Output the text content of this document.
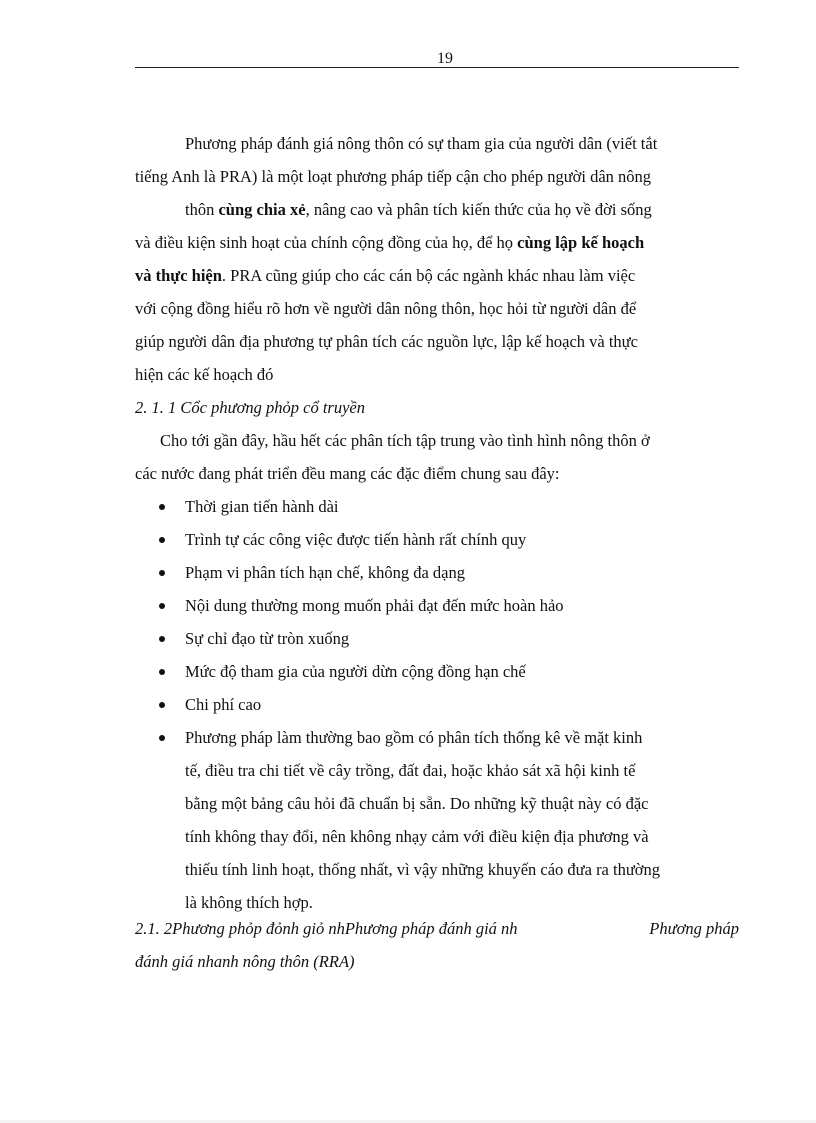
19
Phương pháp đánh giá nông thôn có sự tham gia của người dân (viết tắt
tiếng Anh là PRA) là một loạt phương pháp tiếp cận cho phép người dân nông
thôn cùng chia xẻ, nâng cao và phân tích kiến thức của họ về đời sống
và điều kiện sinh hoạt của chính cộng đồng của họ, để họ cùng lập kế hoạch
và thực hiện. PRA cũng giúp cho các cán bộ các ngành khác nhau làm việc
với cộng đồng hiểu rõ hơn về người dân nông thôn, học hỏi từ người dân để
giúp người dân địa phương tự phân tích các nguồn lực, lập kế hoạch và thực
hiện các kế hoạch đó
2. 1. 1 Cổc phương phỏp cổ truyền
Cho tới gần đây, hầu hết các phân tích tập trung vào tình hình nông thôn ở
các nước đang phát triển đều mang các đặc điểm chung sau đây:
Thời gian tiến hành dài
Trình tự các công việc được tiến hành rất chính quy
Phạm vi phân tích hạn chế, không đa dạng
Nội dung thường mong muốn phải đạt đến mức hoàn hảo
Sự chỉ đạo từ tròn xuống
Mức độ tham gia của người dừn cộng đồng hạn chế
Chi phí cao
Phương pháp làm thường bao gồm có phân tích thống kê về mặt kinh
tế, điều tra chi tiết về cây trồng, đất đai, hoặc khảo sát xã hội kinh tế
bằng một bảng câu hỏi đã chuẩn bị sẵn. Do những kỹ thuật này có đặc
tính không thay đổi, nên không nhạy cảm với điều kiện địa phương và
thiếu tính linh hoạt, thống nhất, vì vậy những khuyến cáo đưa ra thường
là không thích hợp.
2.1. 2Phương phỏp đỏnh giỏ nhPhương pháp đánh giá nh	Phương pháp
đánh giá nhanh nông thôn (RRA)
